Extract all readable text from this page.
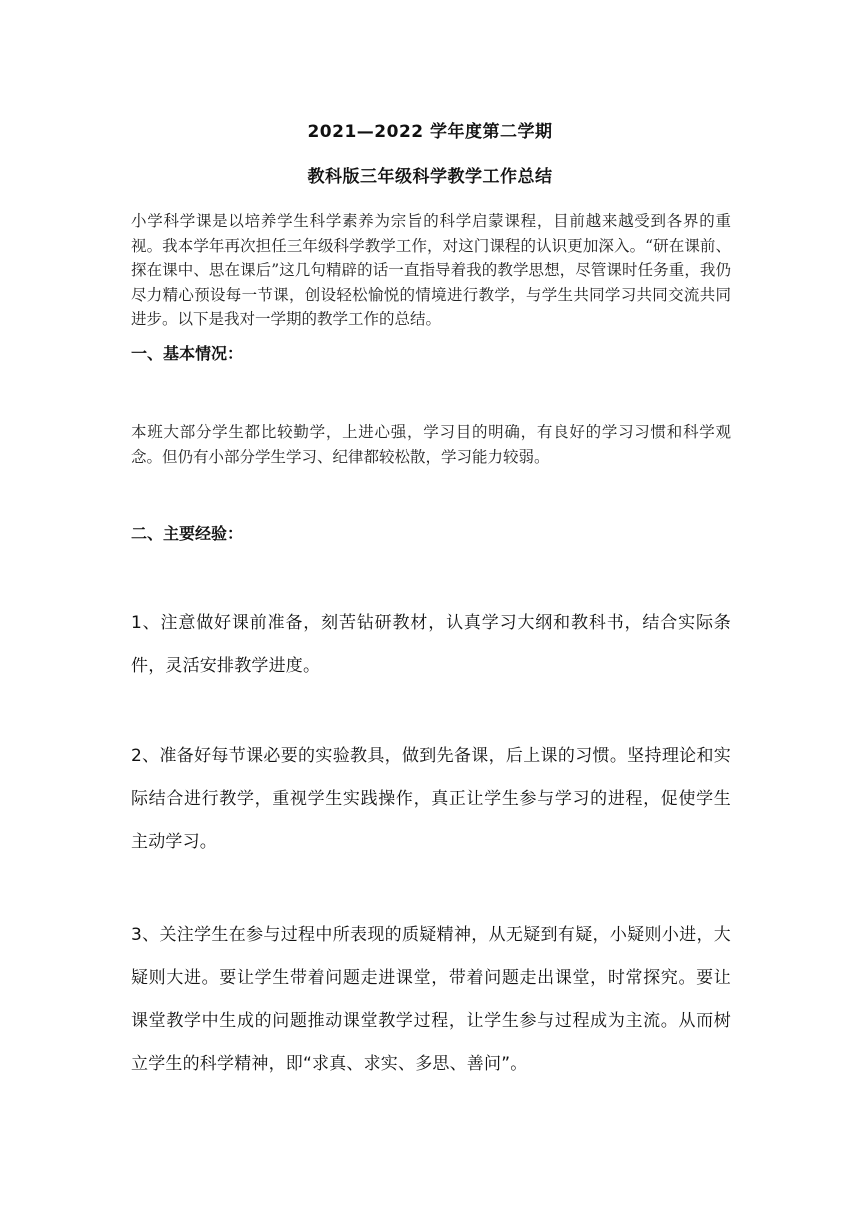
2021—2022 学年度第二学期
教科版三年级科学教学工作总结
小学科学课是以培养学生科学素养为宗旨的科学启蒙课程，目前越来越受到各界的重视。我本学年再次担任三年级科学教学工作，对这门课程的认识更加深入。“研在课前、探在课中、思在课后”这几句精辟的话一直指导着我的教学思想，尽管课时任务重，我仍尽力精心预设每一节课，创设轻松愉悦的情境进行教学，与学生共同学习共同交流共同进步。以下是我对一学期的教学工作的总结。
一、基本情况：
本班大部分学生都比较勤学，上进心强，学习目的明确，有良好的学习习惯和科学观念。但仍有小部分学生学习、纪律都较松散，学习能力较弱。
二、主要经验：
1、注意做好课前准备，刻苦钻研教材，认真学习大纲和教科书，结合实际条件，灵活安排教学进度。
2、准备好每节课必要的实验教具，做到先备课，后上课的习惯。坚持理论和实际结合进行教学，重视学生实践操作，真正让学生参与学习的进程，促使学生主动学习。
3、关注学生在参与过程中所表现的质疑精神，从无疑到有疑，小疑则小进，大疑则大进。要让学生带着问题走进课堂，带着问题走出课堂，时常探究。要让课堂教学中生成的问题推动课堂教学过程，让学生参与过程成为主流。从而树立学生的科学精神，即“求真、求实、多思、善问”。
